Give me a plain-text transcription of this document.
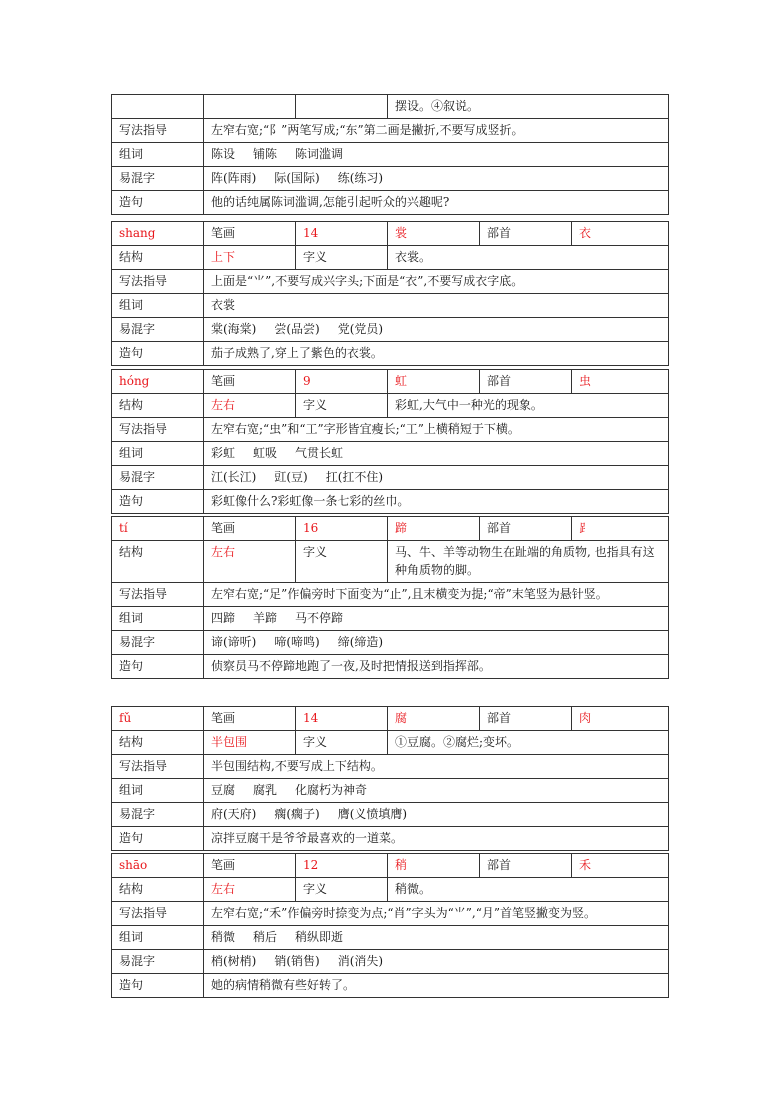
			摆设。④叙说。
写法指导	左窄右宽;“阝”两笔写成;“东”第二画是撇折,不要写成竖折。		
组词	陈设 铺陈 陈词滥调		
易混字	阵(阵雨) 际(国际) 练(练习)		
造句	他的话纯属陈词滥调,怎能引起听众的兴趣呢?		
shang	笔画	14	裳	部首	衣
结构	上下	字义	衣裳。		
写法指导	上面是“⺌”,不要写成兴字头;下面是“衣”,不要写成衣字底。				
组词	衣裳				
易混字	棠(海棠) 尝(品尝) 党(党员)				
造句	茄子成熟了,穿上了紫色的衣裳。				
hóng	笔画	9	虹	部首	虫
结构	左右	字义	彩虹,大气中一种光的现象。		
写法指导	左窄右宽;“虫”和“工”字形皆宜瘦长;“工”上横稍短于下横。				
组词	彩虹 虹吸 气贯长虹				
易混字	江(长江) 豇(豆) 扛(扛不住)				
造句	彩虹像什么?彩虹像一条七彩的丝巾。				
tí	笔画	16	蹄	部首	⻊
结构	左右	字义	马、牛、羊等动物生在趾端的角质物, 也指具有这种角质物的脚。		
写法指导	左窄右宽;“足”作偏旁时下面变为“止”,且末横变为提;“帝”末笔竖为悬针竖。				
组词	四蹄 羊蹄 马不停蹄				
易混字	谛(谛听) 啼(啼鸣) 缔(缔造)				
造句	侦察员马不停蹄地跑了一夜,及时把情报送到指挥部。				
fǔ	笔画	14	腐	部首	肉
结构	半包围	字义	①豆腐。②腐烂;变坏。		
写法指导	半包围结构,不要写成上下结构。				
组词	豆腐 腐乳 化腐朽为神奇				
易混字	府(天府) 瘸(瘸子) 膺(义愤填膺)				
造句	凉拌豆腐干是爷爷最喜欢的一道菜。				
shāo	笔画	12	稍	部首	禾
结构	左右	字义	稍微。		
写法指导	左窄右宽;“禾”作偏旁时捺变为点;“肖”字头为“⺌”,“月”首笔竖撇变为竖。				
组词	稍微 稍后 稍纵即逝				
易混字	梢(树梢) 销(销售) 消(消失)				
造句	她的病情稍微有些好转了。				
